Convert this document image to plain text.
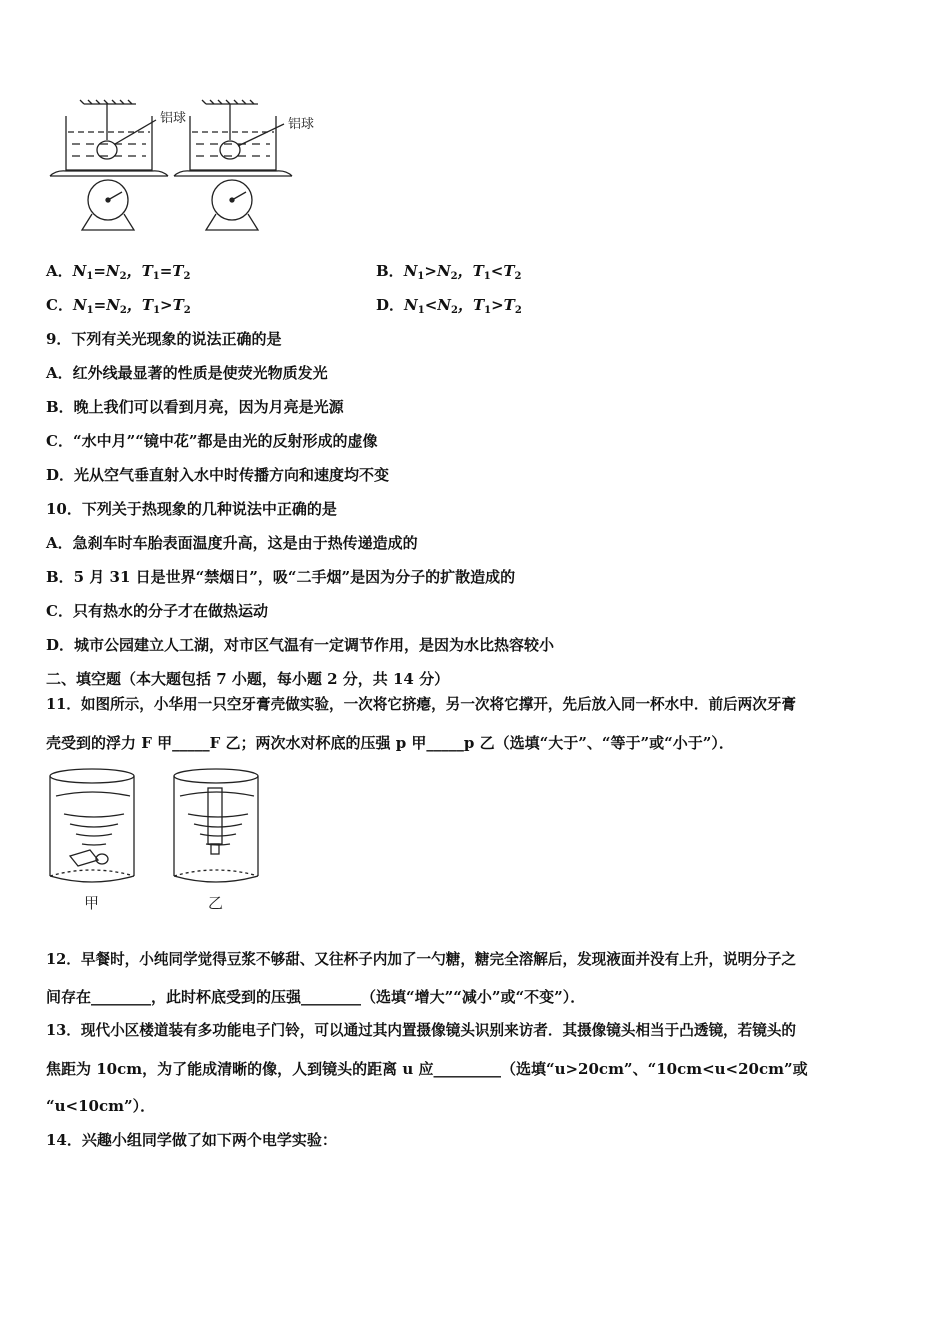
铝球	铝球
A．$N_1=N_2$，$T_1=T_2$	B．$N_1>N_2$，$T_1<T_2$
C．$N_1=N_2$，$T_1>T_2$	D．$N_1<N_2$，$T_1>T_2$
9．下列有关光现象的说法正确的是
A．红外线最显著的性质是使荧光物质发光
B．晚上我们可以看到月亮，因为月亮是光源
C．“水中月”“镜中花”都是由光的反射形成的虚像
D．光从空气垂直射入水中时传播方向和速度均不变
10．下列关于热现象的几种说法中正确的是
A．急刹车时车胎表面温度升高，这是由于热传递造成的
B．5 月 31 日是世界“禁烟日”，吸“二手烟”是因为分子的扩散造成的
C．只有热水的分子才在做热运动
D．城市公园建立人工湖，对市区气温有一定调节作用，是因为水比热容较小
二、填空题（本大题包括 7 小题，每小题 2 分，共 14 分）
11．如图所示，小华用一只空牙膏壳做实验，一次将它挤瘪，另一次将它撑开，先后放入同一杯水中．前后两次牙膏
壳受到的浮力 F 甲_____F 乙；两次水对杯底的压强 p 甲_____p 乙（选填“大于”、“等于”或“小于”）．
甲	乙
12．早餐时，小纯同学觉得豆浆不够甜、又往杯子内加了一勺糖，糖完全溶解后，发现液面并没有上升，说明分子之
间存在________，此时杯底受到的压强________（选填“增大”“减小”或“不变”）．
13．现代小区楼道装有多功能电子门铃，可以通过其内置摄像镜头识别来访者．其摄像镜头相当于凸透镜，若镜头的
焦距为 10cm，为了能成清晰的像，人到镜头的距离 u 应_________（选填“u>20cm”、“10cm<u<20cm”或
“u<10cm”）．
14．兴趣小组同学做了如下两个电学实验：
